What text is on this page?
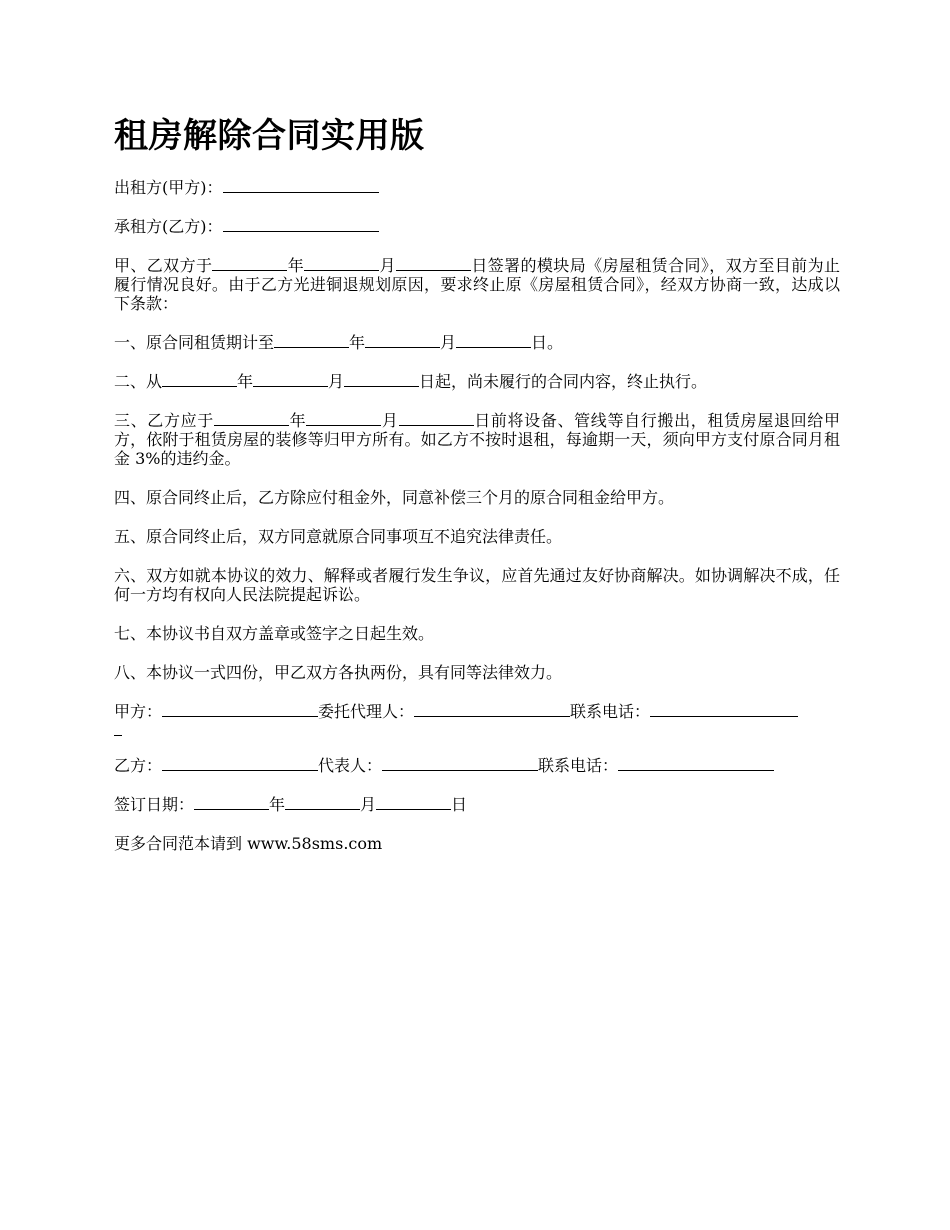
租房解除合同实用版

出租方(甲方)：

承租方(乙方)：

甲、乙双方于	年	月	日签署的模块局《房屋租赁合同》，双方至目前为止履行情况良好。由于乙方光进铜退规划原因，要求终止原《房屋租赁合同》，经双方协商一致，达成以下条款：

一、原合同租赁期计至	年	月	日。

二、从	年	月	日起，尚未履行的合同内容，终止执行。

三、乙方应于	年	月	日前将设备、管线等自行搬出，租赁房屋退回给甲方，依附于租赁房屋的装修等归甲方所有。如乙方不按时退租，每逾期一天，须向甲方支付原合同月租金 3%的违约金。

四、原合同终止后，乙方除应付租金外，同意补偿三个月的原合同租金给甲方。

五、原合同终止后，双方同意就原合同事项互不追究法律责任。

六、双方如就本协议的效力、解释或者履行发生争议，应首先通过友好协商解决。如协调解决不成，任何一方均有权向人民法院提起诉讼。

七、本协议书自双方盖章或签字之日起生效。

八、本协议一式四份，甲乙双方各执两份，具有同等法律效力。

甲方：	委托代理人：	联系电话：
乙方：	代表人：	联系电话：
签订日期：	年	月	日

更多合同范本请到 www.58sms.com
